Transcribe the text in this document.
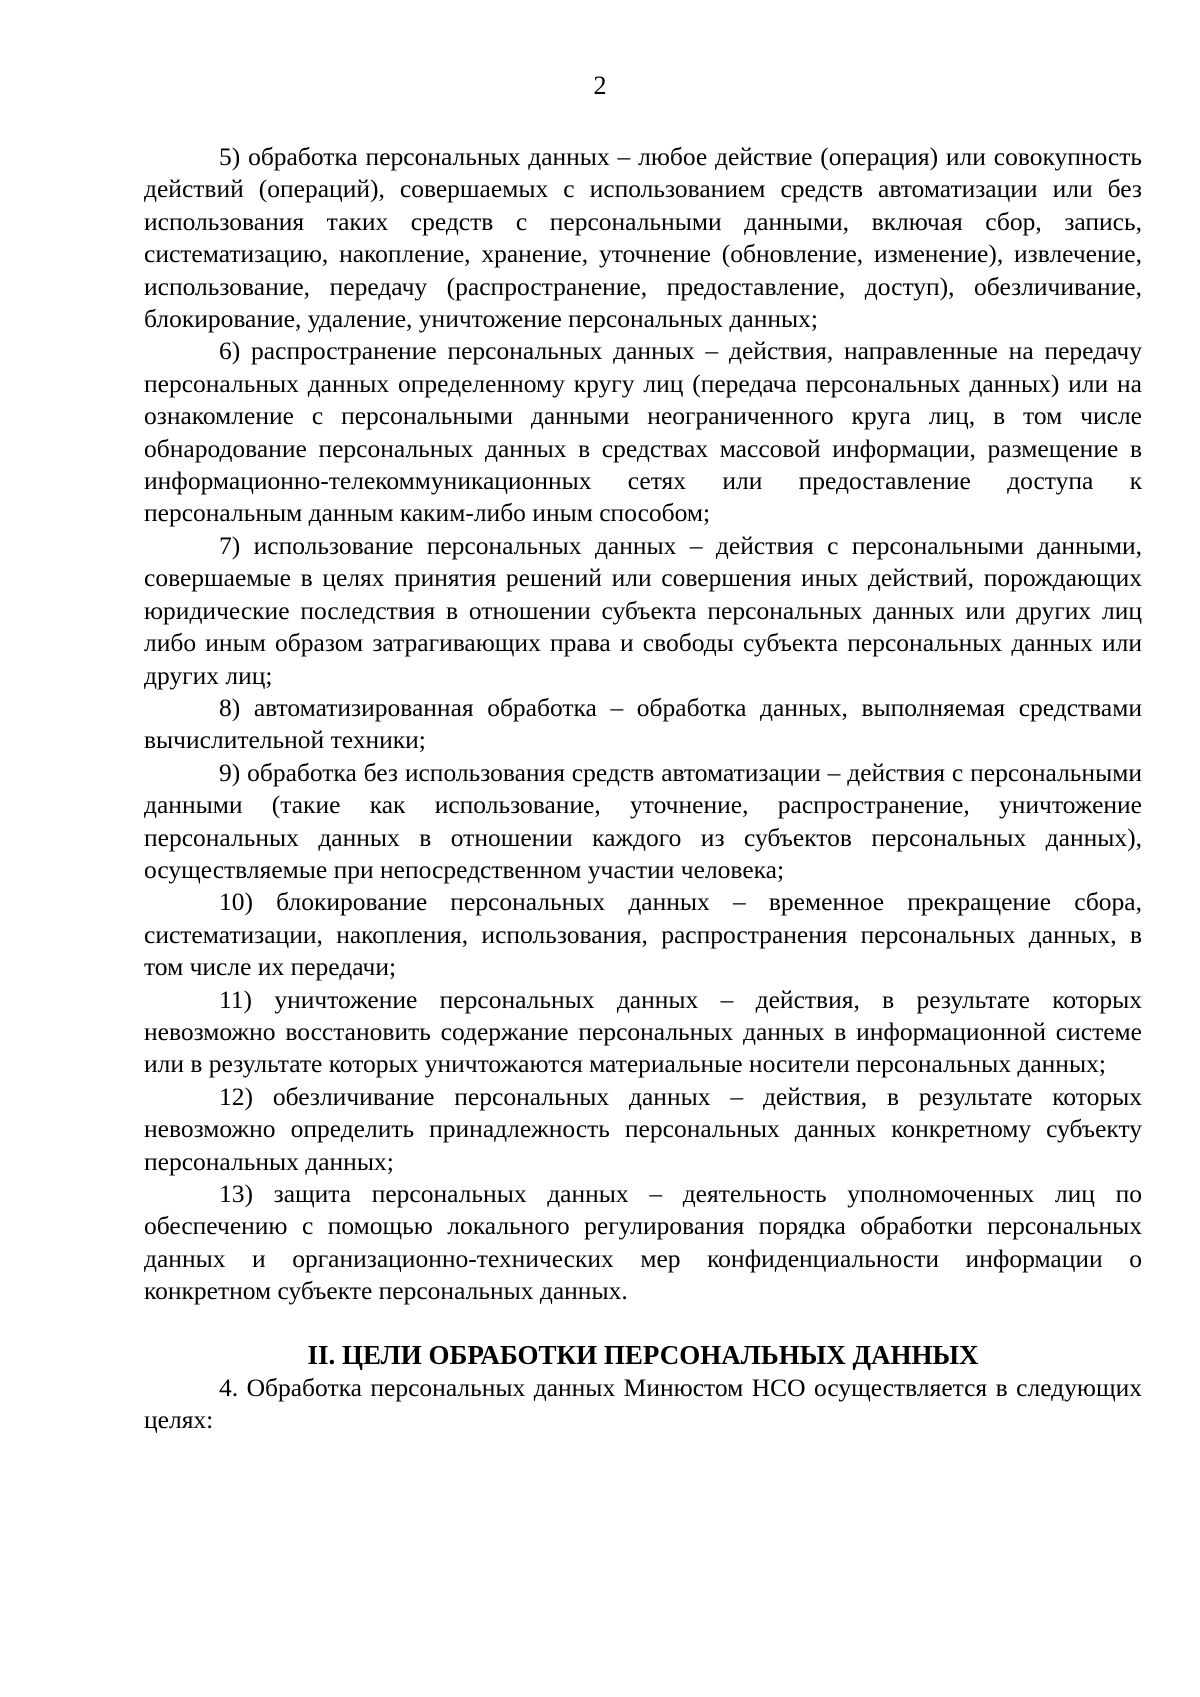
2

5) обработка персональных данных – любое действие (операция) или совокупность действий (операций), совершаемых с использованием средств автоматизации или без использования таких средств с персональными данными, включая сбор, запись, систематизацию, накопление, хранение, уточнение (обновление, изменение), извлечение, использование, передачу (распространение, предоставление, доступ), обезличивание, блокирование, удаление, уничтожение персональных данных;

6) распространение персональных данных – действия, направленные на передачу персональных данных определенному кругу лиц (передача персональных данных) или на ознакомление с персональными данными неограниченного круга лиц, в том числе обнародование персональных данных в средствах массовой информации, размещение в информационно-телекоммуникационных сетях или предоставление доступа к персональным данным каким-либо иным способом;

7) использование персональных данных – действия с персональными данными, совершаемые в целях принятия решений или совершения иных действий, порождающих юридические последствия в отношении субъекта персональных данных или других лиц либо иным образом затрагивающих права и свободы субъекта персональных данных или других лиц;

8) автоматизированная обработка – обработка данных, выполняемая средствами вычислительной техники;

9) обработка без использования средств автоматизации – действия с персональными данными (такие как использование, уточнение, распространение, уничтожение персональных данных в отношении каждого из субъектов персональных данных), осуществляемые при непосредственном участии человека;

10) блокирование персональных данных – временное прекращение сбора, систематизации, накопления, использования, распространения персональных данных, в том числе их передачи;

11) уничтожение персональных данных – действия, в результате которых невозможно восстановить содержание персональных данных в информационной системе или в результате которых уничтожаются материальные носители персональных данных;

12) обезличивание персональных данных – действия, в результате которых невозможно определить принадлежность персональных данных конкретному субъекту персональных данных;

13) защита персональных данных – деятельность уполномоченных лиц по обеспечению с помощью локального регулирования порядка обработки персональных данных и организационно-технических мер конфиденциальности информации о конкретном субъекте персональных данных.

II. ЦЕЛИ ОБРАБОТКИ ПЕРСОНАЛЬНЫХ ДАННЫХ

4. Обработка персональных данных Минюстом НСО осуществляется в следующих целях:
